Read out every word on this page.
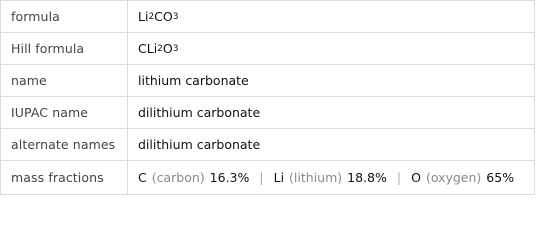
formula	Li 2 CO 3
Hill formula	CLi 2 O 3
name	lithium carbonate
IUPAC name	dilithium carbonate
alternate names	dilithium carbonate
mass fractions	C (carbon) 16.3% | Li (lithium) 18.8% | O (oxygen) 65%
